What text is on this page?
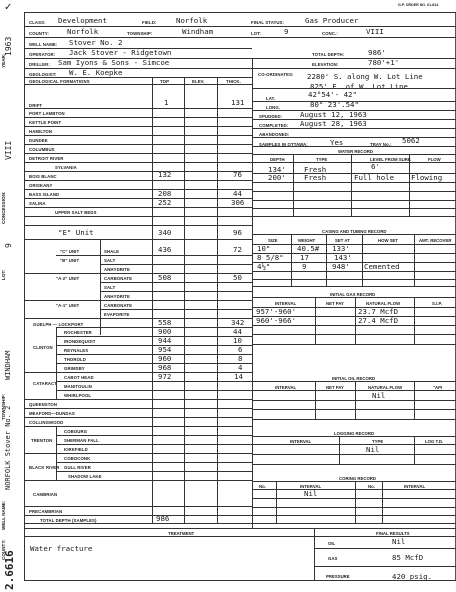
G.P. ORDER NO. 61-814
✓
YEAR:
1963
CONCESSION:
VIII
LOT:
9
TOWNSHIP:
WINDHAM
NORFOLK Stover No. 2
WELL NAME:
COUNTY:
2.6616
CLASS: Development	FIELD:	Norfolk	FINAL STATUS:	Gas Producer
COUNTY: Norfolk	TOWNSHIP:	Windham	LOT:	9	CONC.:	VIII
WELL NAME: Stover No. 2
OPERATOR: Jack Stover - Ridgetown	TOTAL DEPTH:	986'
DRILLER: Sam Iyons & Sons - Simcoe	ELEVATION:	780'+1'
GEOLOGIST: W. E. Koepke	CO-ORDINATES: 2280' S. along W. Lot Line
825' E. of W. Lot Line
GEOLOGICAL FORMATIONS	TOP	ELEV.	THICK.
DRIFT	1	131
PORT LAMBTON
KETTLE POINT
HAMILTON
DUNDEE
COLUMBUS
DETROIT RIVER
SYLVANIA
BOIS BLANC	132	76
ORISKANY
BASS ISLAND	208	44
SALINA	252	306
UPPER SALT BEDS
"E" Unit	340	96
"C" UNIT	SHALE	436	72
"B" UNIT	SALT
ANHYDRITE
"A-2" UNIT	CARBONATE	508	50
SALT
ANHYDRITE
"A-1" UNIT	CARBONATE
EVAPORITE
GUELPH — LOCKPORT	558	342
CLINTON
ROCHESTER	900	44
IRONDEQUOIT	944	10
REYNALES	954	6
THOROLD	960	8
GRIMSBY	968	4
CATARACT
CABOT HEAD	972	14
MANITOULIN
WHIRLPOOL
QUEENSTON
MEAFORD—DUNDAS
COLLINGWOOD
COBOURG
TRENTON	SHERMAN FALL
KIRKFIELD
COBOCONK
BLACK RIVER GULL RIVER
SHADOW LAKE
CAMBRIAN
PRECAMBRIAN
TOTAL DEPTH (SAMPLES)	986
LAT.	42°54'- 42"
LONG.	80° 23'.54"
SPUDDED: August 12, 1963
COMPLETED: August 28, 1963
ABANDONED:
SAMPLES IN OTTAWA:	Yes	TRAY No.: 5062
WATER RECORD
DEPTH	TYPE	LEVEL FROM SURF.	FLOW
6'
134' Fresh
200' Fresh	Full hole Flowing
CASING AND TUBING RECORD
SIZE	WEIGHT	SET AT	HOW SET	AMT. RECOVER
10"	40.5# 133'
8 5/8" 17	143'
4½"	9	948' Cemented
INITIAL GAS RECORD
INTERVAL	NET PAY	NATURAL FLOW	S.I.P.
957'-960'	23.7 McfD
960'-966'	27.4 McfD
INITIAL OIL RECORD
INTERVAL	NET PAY	NATURAL FLOW	"API
Nil
LOGGING RECORD
INTERVAL	TYPE	LOG T.D.
Nil
CORING RECORD
No.	INTERVAL	No.	INTERVAL
Nil
TREATMENT	FINAL RESULTS
Water fracture
OIL	Nil
GAS	85 McfD
PRESSURE	420 psig.
